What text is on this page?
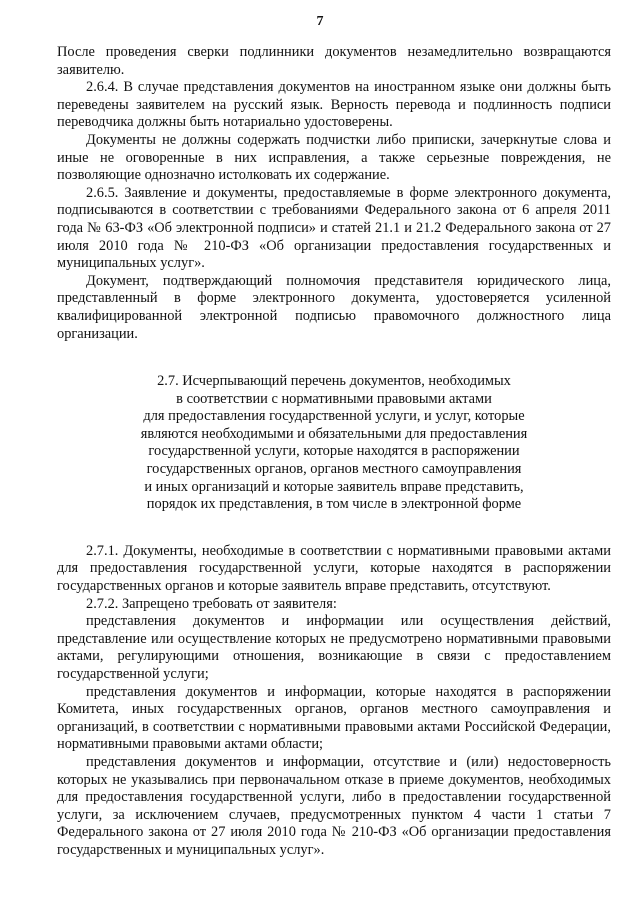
7

После проведения сверки подлинники документов незамедлительно возвращаются заявителю.

2.6.4. В случае представления документов на иностранном языке они должны быть переведены заявителем на русский язык. Верность перевода и подлинность подписи переводчика должны быть нотариально удостоверены.

Документы не должны содержать подчистки либо приписки, зачеркнутые слова и иные не оговоренные в них исправления, а также серьезные повреждения, не позволяющие однозначно истолковать их содержание.

2.6.5. Заявление и документы, предоставляемые в форме электронного документа, подписываются в соответствии с требованиями Федерального закона от 6 апреля 2011 года № 63-ФЗ «Об электронной подписи» и статей 21.1 и 21.2 Федерального закона от 27 июля 2010 года № 210-ФЗ «Об организации предоставления государственных и муниципальных услуг».

Документ, подтверждающий полномочия представителя юридического лица, представленный в форме электронного документа, удостоверяется усиленной квалифицированной электронной подписью правомочного должностного лица организации.

2.7. Исчерпывающий перечень документов, необходимых
в соответствии с нормативными правовыми актами
для предоставления государственной услуги, и услуг, которые
являются необходимыми и обязательными для предоставления
государственной услуги, которые находятся в распоряжении
государственных органов, органов местного самоуправления
и иных организаций и которые заявитель вправе представить,
порядок их представления, в том числе в электронной форме

2.7.1. Документы, необходимые в соответствии с нормативными правовыми актами для предоставления государственной услуги, которые находятся в распоряжении государственных органов и которые заявитель вправе представить, отсутствуют.

2.7.2. Запрещено требовать от заявителя:

представления документов и информации или осуществления действий, представление или осуществление которых не предусмотрено нормативными правовыми актами, регулирующими отношения, возникающие в связи с предоставлением государственной услуги;

представления документов и информации, которые находятся в распоряжении Комитета, иных государственных органов, органов местного самоуправления и организаций, в соответствии с нормативными правовыми актами Российской Федерации, нормативными правовыми актами области;

представления документов и информации, отсутствие и (или) недостоверность которых не указывались при первоначальном отказе в приеме документов, необходимых для предоставления государственной услуги, либо в предоставлении государственной услуги, за исключением случаев, предусмотренных пунктом 4 части 1 статьи 7 Федерального закона от 27 июля 2010 года № 210-ФЗ «Об организации предоставления государственных и муниципальных услуг».
